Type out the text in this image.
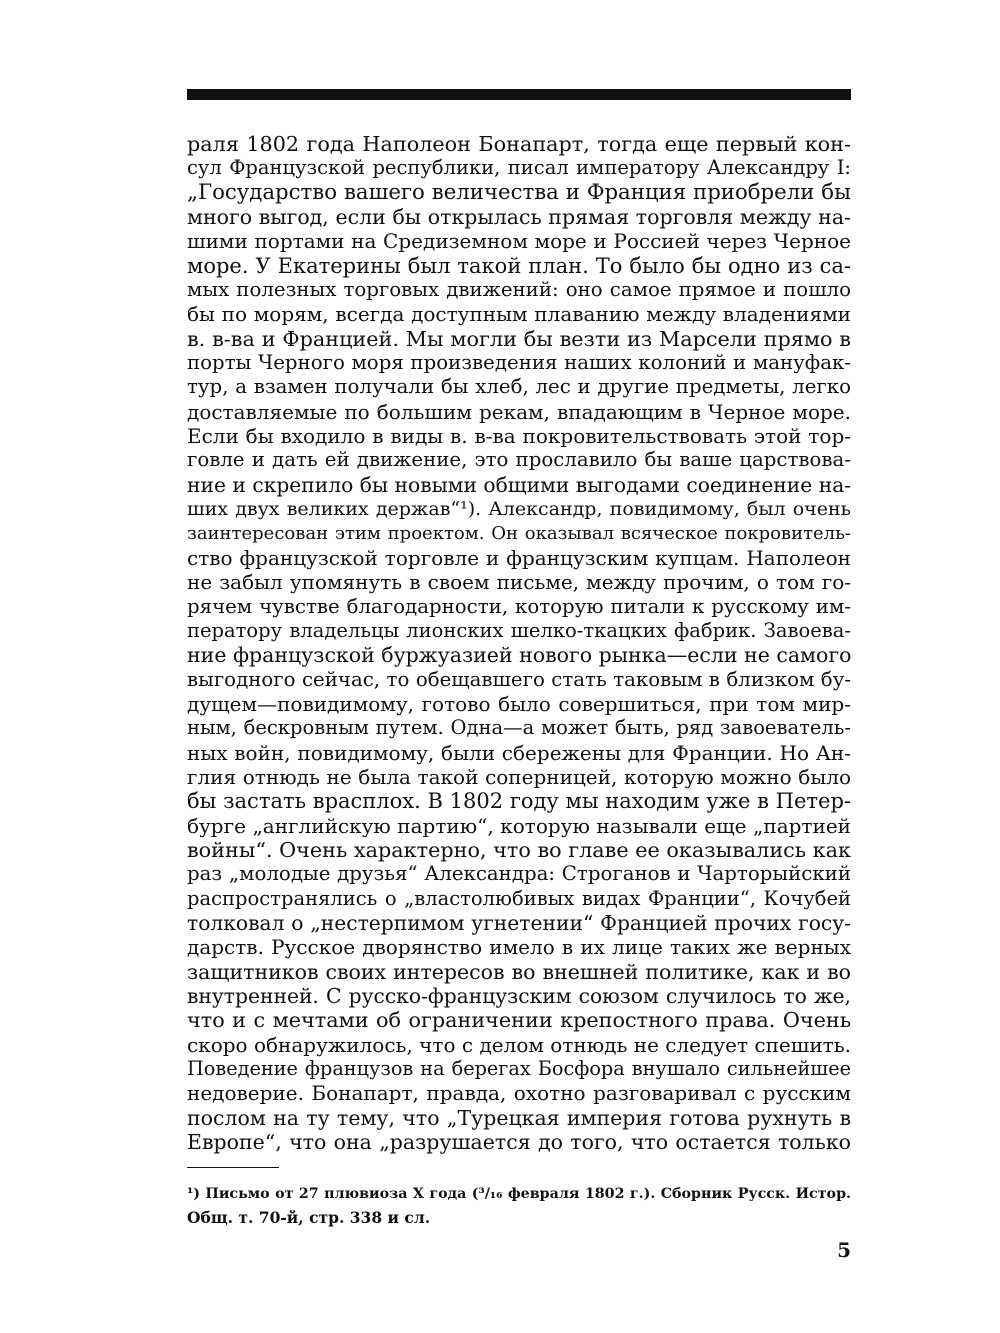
раля 1802 года Наполеон Бонапарт, тогда еще первый кон-
сул Французской республики, писал императору Александру I:
„Государство вашего величества и Франция приобрели бы
много выгод, если бы открылась прямая торговля между на-
шими портами на Средиземном море и Россией через Черное
море. У Екатерины был такой план. То было бы одно из са-
мых полезных торговых движений: оно самое прямое и пошло
бы по морям, всегда доступным плаванию между владениями
в. в-ва и Францией. Мы могли бы везти из Марсели прямо в
порты Черного моря произведения наших колоний и мануфак-
тур, а взамен получали бы хлеб, лес и другие предметы, легко
доставляемые по большим рекам, впадающим в Черное море.
Если бы входило в виды в. в-ва покровительствовать этой тор-
говле и дать ей движение, это прославило бы ваше царствова-
ние и скрепило бы новыми общими выгодами соединение на-
ших двух великих держав“¹). Александр, повидимому, был очень
заинтересован этим проектом. Он оказывал всяческое покровитель-
ство французской торговле и французским купцам. Наполеон
не забыл упомянуть в своем письме, между прочим, о том го-
рячем чувстве благодарности, которую питали к русскому им-
ператору владельцы лионских шелко-ткацких фабрик. Завоева-
ние французской буржуазией нового рынка—если не самого
выгодного сейчас, то обещавшего стать таковым в близком бу-
дущем—повидимому, готово было совершиться, при том мир-
ным, бескровным путем. Одна—а может быть, ряд завоеватель-
ных войн, повидимому, были сбережены для Франции. Но Ан-
глия отнюдь не была такой соперницей, которую можно было
бы застать врасплох. В 1802 году мы находим уже в Петер-
бурге „английскую партию“, которую называли еще „партией
войны“. Очень характерно, что во главе ее оказывались как
раз „молодые друзья“ Александра: Строганов и Чарторыйский
распространялись о „властолюбивых видах Франции“, Кочубей
толковал о „нестерпимом угнетении“ Францией прочих госу-
дарств. Русское дворянство имело в их лице таких же верных
защитников своих интересов во внешней политике, как и во
внутренней. С русско-французским союзом случилось то же,
что и с мечтами об ограничении крепостного права. Очень
скоро обнаружилось, что с делом отнюдь не следует спешить.
Поведение французов на берегах Босфора внушало сильнейшее
недоверие. Бонапарт, правда, охотно разговаривал с русским
послом на ту тему, что „Турецкая империя готова рухнуть в
Европе“, что она „разрушается до того, что остается только
¹) Письмо от 27 плювиоза X года (³/₁₆ февраля 1802 г.). Сборник Русск. Истор.
Общ. т. 70-й, стр. 338 и сл.
5
